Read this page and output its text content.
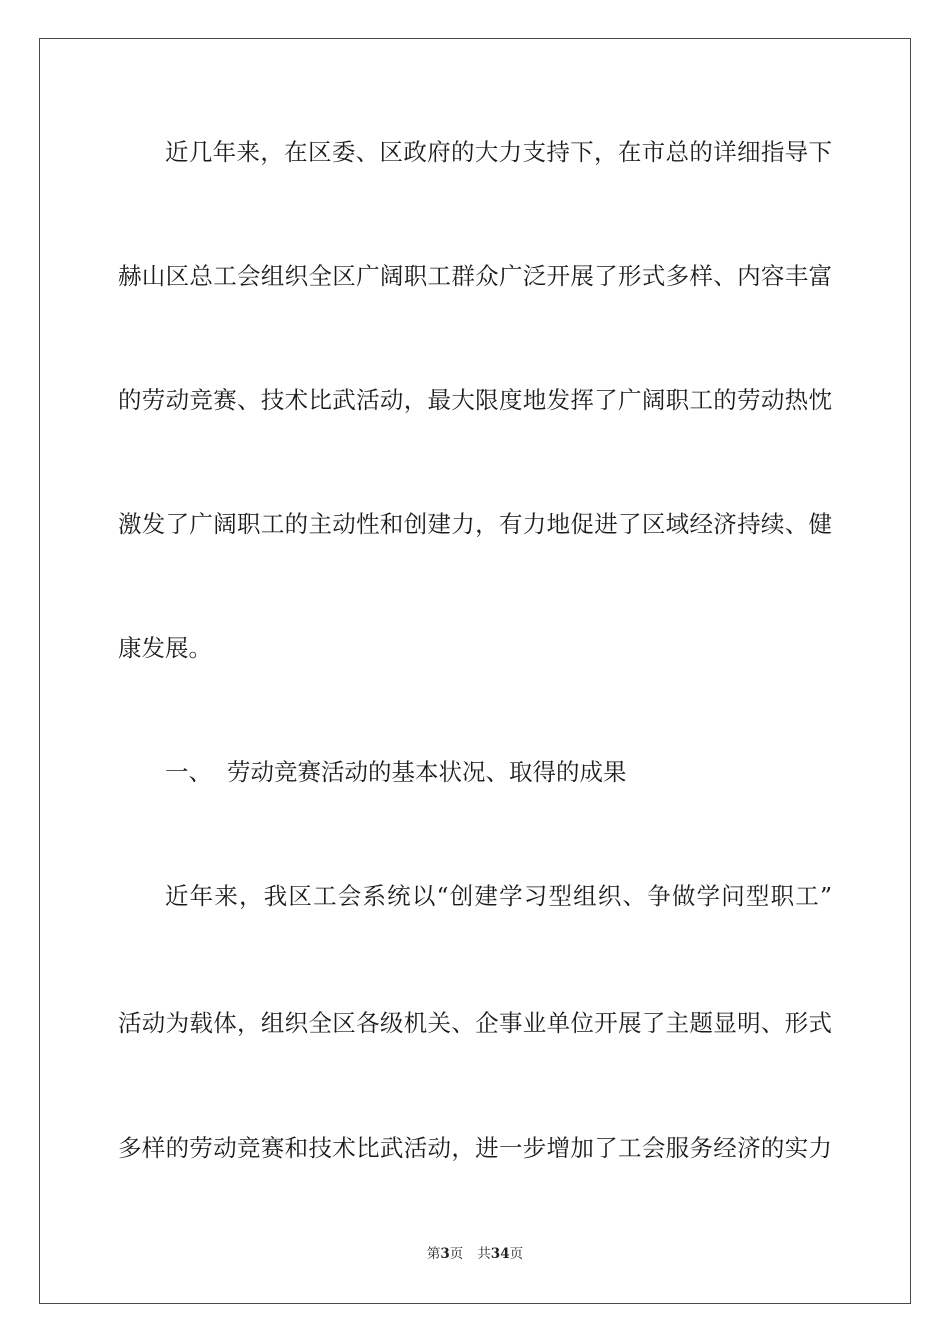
近几年来，在区委、区政府的大力支持下，在市总的详细指导下
赫山区总工会组织全区广阔职工群众广泛开展了形式多样、内容丰富
的劳动竞赛、技术比武活动，最大限度地发挥了广阔职工的劳动热忱
激发了广阔职工的主动性和创建力，有力地促进了区域经济持续、健
康发展。
一、 劳动竞赛活动的基本状况、取得的成果
近年来，我区工会系统以“创建学习型组织、争做学问型职工”
活动为载体，组织全区各级机关、企事业单位开展了主题显明、形式
多样的劳动竞赛和技术比武活动，进一步增加了工会服务经济的实力
第3页 共34页
